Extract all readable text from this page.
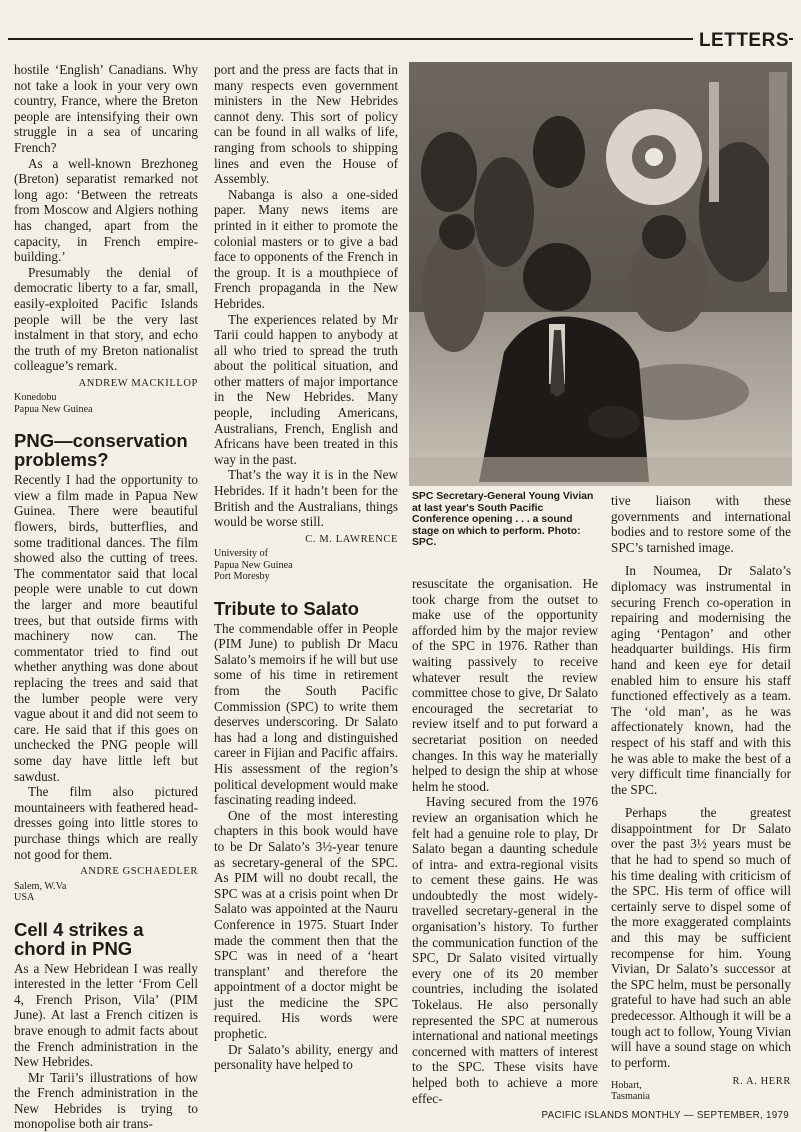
LETTERS

hostile ‘English’ Canadians. Why not take a look in your very own country, France, where the Breton people are intensifying their own struggle in a sea of uncaring French?

As a well-known Brezhoneg (Breton) separatist remarked not long ago: ‘Between the retreats from Moscow and Algiers nothing has changed, apart from the capacity, in French empire-building.’

Presumably the denial of democratic liberty to a far, small, easily-exploited Pacific Islands people will be the very last instalment in that story, and echo the truth of my Breton nationalist colleague’s remark.

ANDREW MACKILLOP
Konedobu
Papua New Guinea
PNG—conservation problems?

Recently I had the opportunity to view a film made in Papua New Guinea. There were beautiful flowers, birds, butterflies, and some traditional dances. The film showed also the cutting of trees. The commentator said that local people were unable to cut down the larger and more beautiful trees, but that outside firms with machinery now can. The commentator tried to find out whether anything was done about replacing the trees and said that the lumber people were very vague about it and did not seem to care. He said that if this goes on unchecked the PNG people will some day have little left but sawdust.

The film also pictured mountaineers with feathered head-dresses going into little stores to purchase things which are really not good for them.

ANDRE GSCHAEDLER
Salem, W.Va
USA
Cell 4 strikes a chord in PNG

As a New Hebridean I was really interested in the letter ‘From Cell 4, French Prison, Vila’ (PIM June). At last a French citizen is brave enough to admit facts about the French administration in the New Hebrides.

Mr Tarii’s illustrations of how the French administration in the New Hebrides is trying to monopolise both air trans-

port and the press are facts that in many respects even government ministers in the New Hebrides cannot deny. This sort of policy can be found in all walks of life, ranging from schools to shipping lines and even the House of Assembly.

Nabanga is also a one-sided paper. Many news items are printed in it either to promote the colonial masters or to give a bad face to opponents of the French in the group. It is a mouthpiece of French propaganda in the New Hebrides.

The experiences related by Mr Tarii could happen to anybody at all who tried to spread the truth about the political situation, and other matters of major importance in the New Hebrides. Many people, including Americans, Australians, French, English and Africans have been treated in this way in the past.

That’s the way it is in the New Hebrides. If it hadn’t been for the British and the Australians, things would be worse still.

C. M. LAWRENCE
University of
Papua New Guinea
Port Moresby
Tribute to Salato

The commendable offer in People (PIM June) to publish Dr Macu Salato’s memoirs if he will but use some of his time in retirement from the South Pacific Commission (SPC) to write them deserves underscoring. Dr Salato has had a long and distinguished career in Fijian and Pacific affairs. His assessment of the region’s political development would make fascinating reading indeed.

One of the most interesting chapters in this book would have to be Dr Salato’s 3½-year tenure as secretary-general of the SPC. As PIM will no doubt recall, the SPC was at a crisis point when Dr Salato was appointed at the Nauru Conference in 1975. Stuart Inder made the comment then that the SPC was in need of a ‘heart transplant’ and therefore the appointment of a doctor might be just the medicine the SPC required. His words were prophetic.

Dr Salato’s ability, energy and personality have helped to

SPC Secretary-General Young Vivian at last year's South Pacific Conference opening . . . a sound stage on which to perform. Photo: SPC.

resuscitate the organisation. He took charge from the outset to make use of the opportunity afforded him by the major review of the SPC in 1976. Rather than waiting passively to receive whatever result the review committee chose to give, Dr Salato encouraged the secretariat to review itself and to put forward a secretariat position on needed changes. In this way he materially helped to design the ship at whose helm he stood.

Having secured from the 1976 review an organisation which he felt had a genuine role to play, Dr Salato began a daunting schedule of intra- and extra-regional visits to cement these gains. He was undoubtedly the most widely-travelled secretary-general in the organisation’s history. To further the communication function of the SPC, Dr Salato visited virtually every one of its 20 member countries, including the isolated Tokelaus. He also personally represented the SPC at numerous international and national meetings concerned with matters of interest to the SPC. These visits have helped both to achieve a more effec-

tive liaison with these governments and international bodies and to restore some of the SPC’s tarnished image.

In Noumea, Dr Salato’s diplomacy was instrumental in securing French co-operation in repairing and modernising the aging ‘Pentagon’ and other headquarter buildings. His firm hand and keen eye for detail enabled him to ensure his staff functioned effectively as a team. The ‘old man’, as he was affectionately known, had the respect of his staff and with this he was able to make the best of a very difficult time financially for the SPC.

Perhaps the greatest disappointment for Dr Salato over the past 3½ years must be that he had to spend so much of his time dealing with criticism of the SPC. His term of office will certainly serve to dispel some of the more exaggerated complaints and this may be sufficient recompense for him. Young Vivian, Dr Salato’s successor at the SPC helm, must be personally grateful to have had such an able predecessor. Although it will be a tough act to follow, Young Vivian will have a sound stage on which to perform.

R. A. HERR
Hobart,
Tasmania
PACIFIC ISLANDS MONTHLY — SEPTEMBER, 1979
